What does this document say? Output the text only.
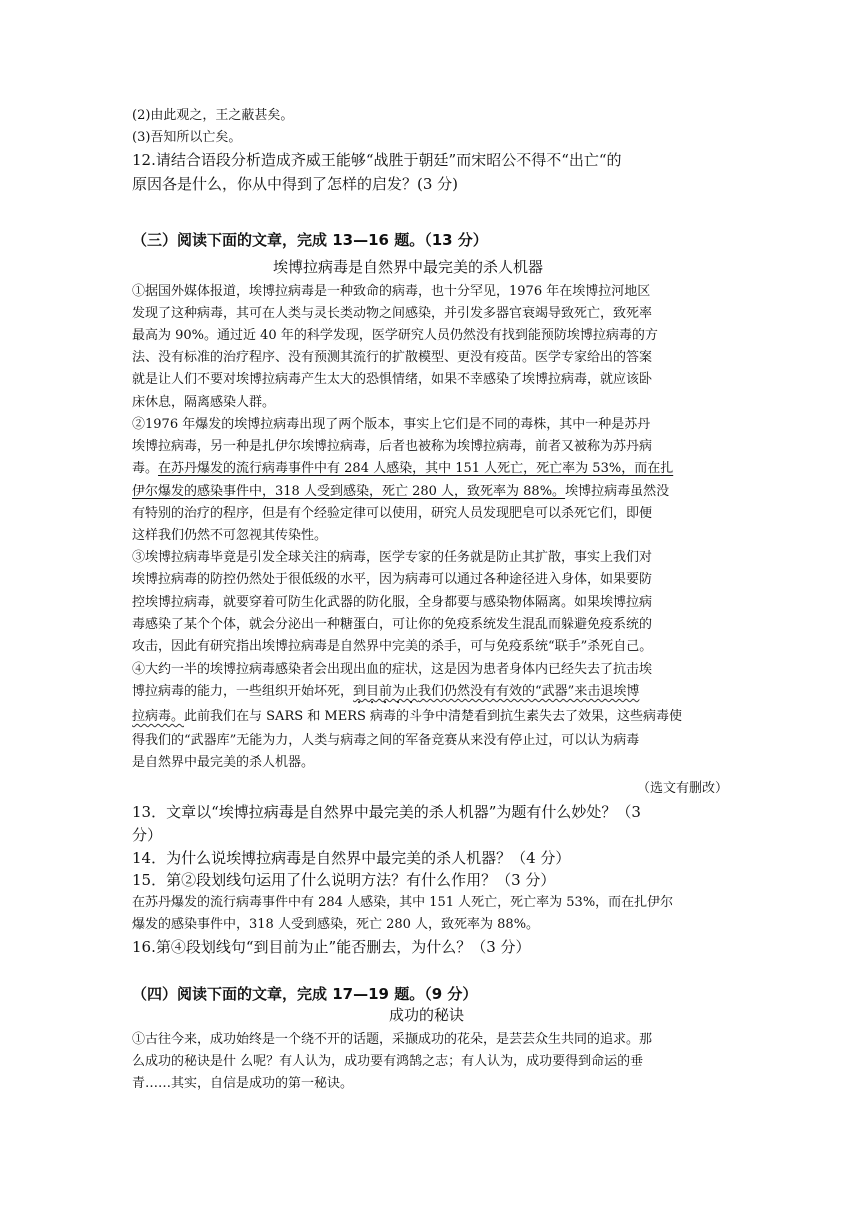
(2)由此观之，王之蔽甚矣。
(3)吾知所以亡矣。
12.请结合语段分析造成齐威王能够“战胜于朝廷”而宋昭公不得不“出亡“的
原因各是什么，你从中得到了怎样的启发？(3 分)
（三）阅读下面的文章，完成 13—16 题。（13 分）
埃博拉病毒是自然界中最完美的杀人机器
①据国外媒体报道，埃博拉病毒是一种致命的病毒，也十分罕见，1976 年在埃博拉河地区
发现了这种病毒，其可在人类与灵长类动物之间感染，并引发多器官衰竭导致死亡，致死率
最高为 90%。通过近 40 年的科学发现，医学研究人员仍然没有找到能预防埃博拉病毒的方
法、没有标准的治疗程序、没有预测其流行的扩散模型、更没有疫苗。医学专家给出的答案
就是让人们不要对埃博拉病毒产生太大的恐惧情绪，如果不幸感染了埃博拉病毒，就应该卧
床休息，隔离感染人群。
②1976 年爆发的埃博拉病毒出现了两个版本，事实上它们是不同的毒株，其中一种是苏丹
埃博拉病毒，另一种是扎伊尔埃博拉病毒，后者也被称为埃博拉病毒，前者又被称为苏丹病
毒。在苏丹爆发的流行病毒事件中有 284 人感染，其中 151 人死亡，死亡率为 53%，而在扎
伊尔爆发的感染事件中，318 人受到感染，死亡 280 人，致死率为 88%。埃博拉病毒虽然没
有特别的治疗的程序，但是有个经验定律可以使用，研究人员发现肥皂可以杀死它们，即便
这样我们仍然不可忽视其传染性。
③埃博拉病毒毕竟是引发全球关注的病毒，医学专家的任务就是防止其扩散，事实上我们对
埃博拉病毒的防控仍然处于很低级的水平，因为病毒可以通过各种途径进入身体，如果要防
控埃博拉病毒，就要穿着可防生化武器的防化服，全身都要与感染物体隔离。如果埃博拉病
毒感染了某个个体，就会分泌出一种糖蛋白，可让你的免疫系统发生混乱而躲避免疫系统的
攻击，因此有研究指出埃博拉病毒是自然界中完美的杀手，可与免疫系统“联手”杀死自己。
④大约一半的埃博拉病毒感染者会出现出血的症状，这是因为患者身体内已经失去了抗击埃
博拉病毒的能力，一些组织开始坏死，到目前为止我们仍然没有有效的“武器”来击退埃博
拉病毒。此前我们在与 SARS 和 MERS 病毒的斗争中清楚看到抗生素失去了效果，这些病毒使
得我们的“武器库”无能为力，人类与病毒之间的军备竞赛从来没有停止过，可以认为病毒
是自然界中最完美的杀人机器。
（选文有删改）
13．文章以“埃博拉病毒是自然界中最完美的杀人机器”为题有什么妙处？（3
分）
14．为什么说埃博拉病毒是自然界中最完美的杀人机器？（4 分）
15．第②段划线句运用了什么说明方法？有什么作用？（3 分）
在苏丹爆发的流行病毒事件中有 284 人感染，其中 151 人死亡，死亡率为 53%，而在扎伊尔
爆发的感染事件中，318 人受到感染，死亡 280 人，致死率为 88%。
16.第④段划线句“到目前为止”能否删去，为什么？（3 分）
（四）阅读下面的文章，完成 17—19 题。（9 分）
成功的秘诀
①古往今来，成功始终是一个绕不开的话题，采撷成功的花朵，是芸芸众生共同的追求。那
么成功的秘诀是什 么呢？有人认为，成功要有鸿鹄之志；有人认为，成功要得到命运的垂
青……其实，自信是成功的第一秘诀。
